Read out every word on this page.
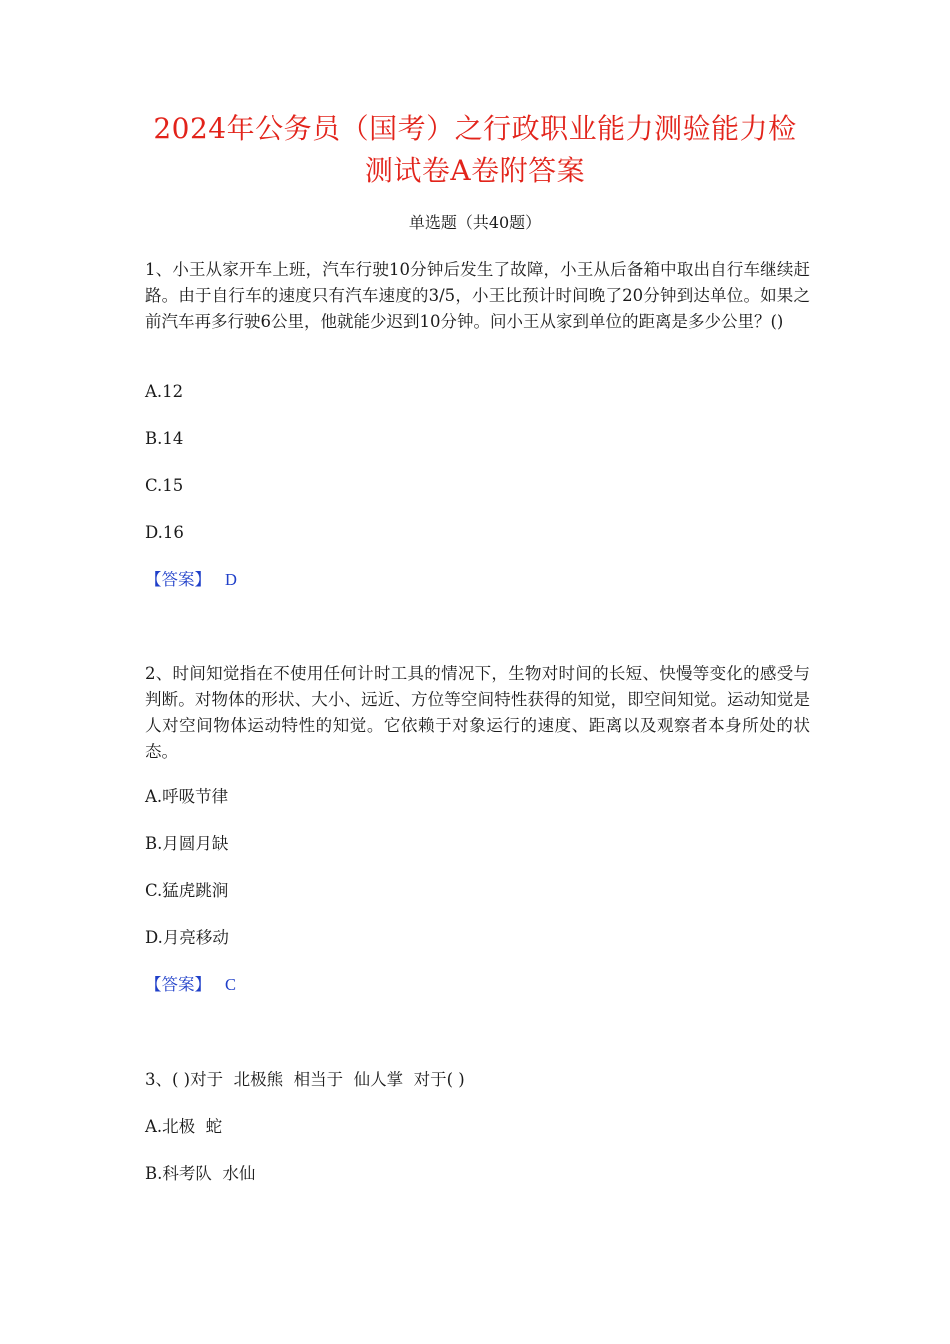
2024年公务员（国考）之行政职业能力测验能力检
测试卷A卷附答案
单选题（共40题）
1、小王从家开车上班，汽车行驶10分钟后发生了故障，小王从后备箱中取出自行车继续赶路。由于自行车的速度只有汽车速度的3/5，小王比预计时间晚了20分钟到达单位。如果之前汽车再多行驶6公里，他就能少迟到10分钟。问小王从家到单位的距离是多少公里？()
A.12
B.14
C.15
D.16
【答案】 D
2、时间知觉指在不使用任何计时工具的情况下，生物对时间的长短、快慢等变化的感受与判断。对物体的形状、大小、远近、方位等空间特性获得的知觉，即空间知觉。运动知觉是人对空间物体运动特性的知觉。它依赖于对象运行的速度、距离以及观察者本身所处的状态。
A.呼吸节律
B.月圆月缺
C.猛虎跳涧
D.月亮移动
【答案】 C
3、( )对于  北极熊  相当于  仙人掌  对于( )
A.北极  蛇
B.科考队  水仙
